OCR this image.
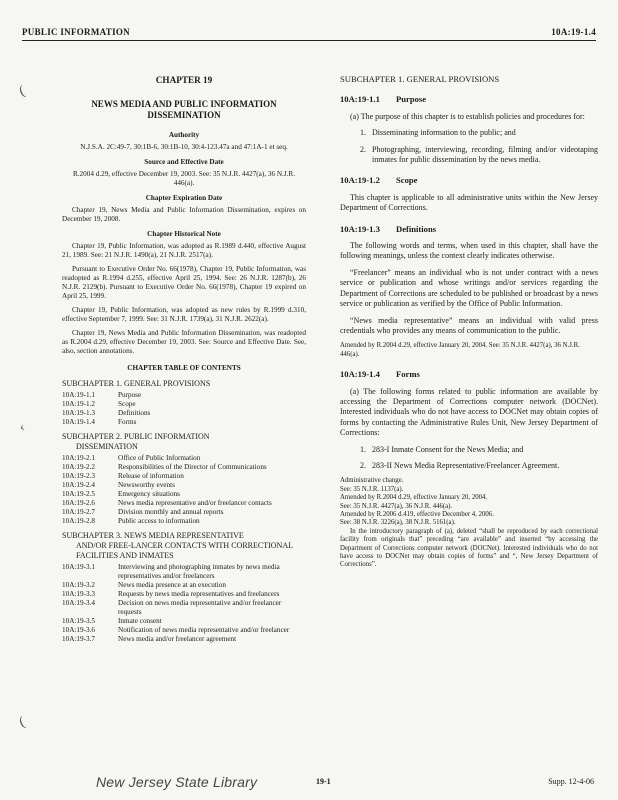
PUBLIC INFORMATION	10A:19-1.4
(
‹
(
CHAPTER 19
NEWS MEDIA AND PUBLIC INFORMATION DISSEMINATION
Authority
N.J.S.A. 2C:49-7, 30:1B-6, 30:1B-10, 30:4-123.47a and 47:1A-1 et seq.
Source and Effective Date
R.2004 d.29, effective December 19, 2003. See: 35 N.J.R. 4427(a), 36 N.J.R. 446(a).
Chapter Expiration Date
Chapter 19, News Media and Public Information Dissemination, expires on December 19, 2008.
Chapter Historical Note
Chapter 19, Public Information, was adopted as R.1989 d.440, effective August 21, 1989. See: 21 N.J.R. 1490(a), 21 N.J.R. 2517(a).
Pursuant to Executive Order No. 66(1978), Chapter 19, Public Information, was readopted as R.1994 d.255, effective April 25, 1994. See: 26 N.J.R. 1287(b), 26 N.J.R. 2129(b). Pursuant to Executive Order No. 66(1978), Chapter 19 expired on April 25, 1999.
Chapter 19, Public Information, was adopted as new rules by R.1999 d.310, effective September 7, 1999. See: 31 N.J.R. 1739(a), 31 N.J.R. 2622(a).
Chapter 19, News Media and Public Information Dissemination, was readopted as R.2004 d.29, effective December 19, 2003. See: Source and Effective Date. See, also, section annotations.
CHAPTER TABLE OF CONTENTS
SUBCHAPTER 1. GENERAL PROVISIONS
10A:19-1.1	Purpose
10A:19-1.2	Scope
10A:19-1.3	Definitions
10A:19-1.4	Forms
SUBCHAPTER 2. PUBLIC INFORMATION
DISSEMINATION
10A:19-2.1	Office of Public Information
10A:19-2.2	Responsibilities of the Director of Communications
10A:19-2.3	Release of information
10A:19-2.4	Newsworthy events
10A:19-2.5	Emergency situations
10A:19-2.6	News media representative and/or freelancer contacts
10A:19-2.7	Division monthly and annual reports
10A:19-2.8	Public access to information
SUBCHAPTER 3. NEWS MEDIA REPRESENTATIVE
AND/OR FREE-LANCER CONTACTS WITH CORRECTIONAL FACILITIES AND INMATES
10A:19-3.1	Interviewing and photographing inmates by news media representatives and/or freelancers
10A:19-3.2	News media presence at an execution
10A:19-3.3	Requests by news media representatives and freelancers
10A:19-3.4	Decision on news media representative and/or freelancer requests
10A:19-3.5	Inmate consent
10A:19-3.6	Notification of news media representative and/or freelancer
10A:19-3.7	News media and/or freelancer agreement
SUBCHAPTER 1. GENERAL PROVISIONS
10A:19-1.1 Purpose
(a) The purpose of this chapter is to establish policies and procedures for:
1. Disseminating information to the public; and
2. Photographing, interviewing, recording, filming and/or videotaping inmates for public dissemination by the news media.
10A:19-1.2 Scope
This chapter is applicable to all administrative units within the New Jersey Department of Corrections.
10A:19-1.3 Definitions
The following words and terms, when used in this chapter, shall have the following meanings, unless the context clearly indicates otherwise.
“Freelancer” means an individual who is not under contract with a news service or publication and whose writings and/or services regarding the Department of Corrections are scheduled to be published or broadcast by a news service or publication as verified by the Office of Public Information.
“News media representative” means an individual with valid press credentials who provides any means of communication to the public.
Amended by R.2004 d.29, effective January 20, 2004. See: 35 N.J.R. 4427(a), 36 N.J.R. 446(a).
10A:19-1.4 Forms
(a) The following forms related to public information are available by accessing the Department of Corrections computer network (DOCNet). Interested individuals who do not have access to DOCNet may obtain copies of forms by contacting the Administrative Rules Unit, New Jersey Department of Corrections:
1. 283-I Inmate Consent for the News Media; and
2. 283-II News Media Representative/Freelancer Agreement.
Administrative change.
See: 35 N.J.R. 1137(a).
Amended by R.2004 d.29, effective January 20, 2004.
See: 35 N.J.R. 4427(a), 36 N.J.R. 446(a).
Amended by R.2006 d.419, effective December 4, 2006.
See: 38 N.J.R. 3226(a), 38 N.J.R. 5161(a).
In the introductory paragraph of (a), deleted “shall be reproduced by each correctional facility from originals that” preceding “are available” and inserted “by accessing the Department of Corrections computer network (DOCNet). Interested individuals who do not have access to DOCNet may obtain copies of forms” and “, New Jersey Department of Corrections”.
New Jersey State Library	19-1	Supp. 12-4-06
